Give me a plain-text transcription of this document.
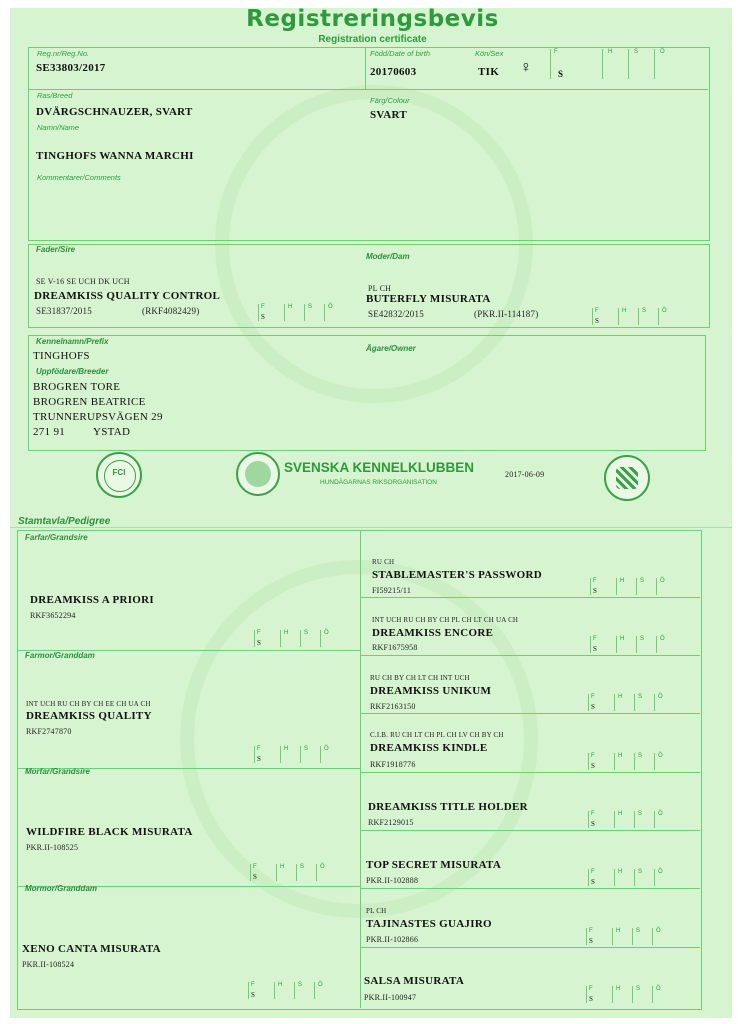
Registreringsbevis
Registration certificate
Reg.nr/Reg.No.
SE33803/2017
Född/Date of birth
20170603
Kön/Sex
TIK ♀
F
S
H	S	Ö
Ras/Breed
DVÄRGSCHNAUZER, SVART
Färg/Colour
SVART
Namn/Name
TINGHOFS WANNA MARCHI
Kommentarer/Comments
Fader/Sire
Moder/Dam
SE V-16 SE UCH DK UCH
DREAMKISS QUALITY CONTROL
SE31837/2015	(RKF4082429)
PL CH
BUTERFLY MISURATA
SE42832/2015	(PKR.II-114187)
F
S
H	S	Ö
F
S
H	S	Ö
Kennelnamn/Prefix
Ägare/Owner
TINGHOFS
Uppfödare/Breeder
BROGREN TORE
BROGREN BEATRICE
TRUNNERUPSVÄGEN 29
271 91	YSTAD
FCI	SVENSKA KENNELKLUBBEN
HUNDÄGARNAS RIKSORGANISATION
2017-06-09
Stamtavla/Pedigree
Farfar/Grandsire
Farmor/Granddam
Morfar/Grandsire
Mormor/Granddam
DREAMKISS A PRIORI
RKF3652294
INT UCH RU CH BY CH EE CH UA CH
DREAMKISS QUALITY
RKF2747870
WILDFIRE BLACK MISURATA
PKR.II-108525
XENO CANTA MISURATA
PKR.II-108524
F
S
H	S	Ö
F
S
H	S	Ö
F
S
H	S	Ö
F
S
H	S	Ö
RU CH
STABLEMASTER'S PASSWORD
FI59215/11
INT UCH RU CH BY CH PL CH LT CH UA CH
DREAMKISS ENCORE
RKF1675958
RU CH BY CH LT CH INT UCH
DREAMKISS UNIKUM
RKF2163150
C.I.B. RU CH LT CH PL CH LV CH BY CH
DREAMKISS KINDLE
RKF1918776
DREAMKISS TITLE HOLDER
RKF2129015
TOP SECRET MISURATA
PKR.II-102888
PL CH
TAJINASTES GUAJIRO
PKR.II-102866
SALSA MISURATA
PKR.II-100947
F
S
H	S	Ö
F
S
H	S	Ö
F
S
H	S	Ö
F
S
H	S	Ö
F
S
H	S	Ö
F
S
H	S	Ö
F
S
H	S	Ö
F
S
H	S	Ö
